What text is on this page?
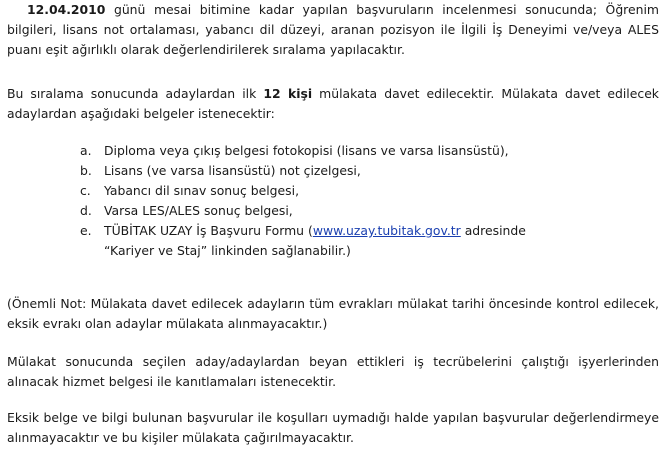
12.04.2010 günü mesai bitimine kadar yapılan başvuruların incelenmesi sonucunda; Öğrenim bilgileri, lisans not ortalaması, yabancı dil düzeyi, aranan pozisyon ile İlgili İş Deneyimi ve/veya ALES puanı eşit ağırlıklı olarak değerlendirilerek sıralama yapılacaktır.

Bu sıralama sonucunda adaylardan ilk 12 kişi mülakata davet edilecektir. Mülakata davet edilecek adaylardan aşağıdaki belgeler istenecektir:

a. Diploma veya çıkış belgesi fotokopisi (lisans ve varsa lisansüstü),
b. Lisans (ve varsa lisansüstü) not çizelgesi,
c. Yabancı dil sınav sonuç belgesi,
d. Varsa LES/ALES sonuç belgesi,
e. TÜBİTAK UZAY İş Başvuru Formu (www.uzay.tubitak.gov.tr adresinde “Kariyer ve Staj” linkinden sağlanabilir.)

(Önemli Not: Mülakata davet edilecek adayların tüm evrakları mülakat tarihi öncesinde kontrol edilecek, eksik evrakı olan adaylar mülakata alınmayacaktır.)

Mülakat sonucunda seçilen aday/adaylardan beyan ettikleri iş tecrübelerini çalıştığı işyerlerinden alınacak hizmet belgesi ile kanıtlamaları istenecektir.

Eksik belge ve bilgi bulunan başvurular ile koşulları uymadığı halde yapılan başvurular değerlendirmeye alınmayacaktır ve bu kişiler mülakata çağırılmayacaktır.
